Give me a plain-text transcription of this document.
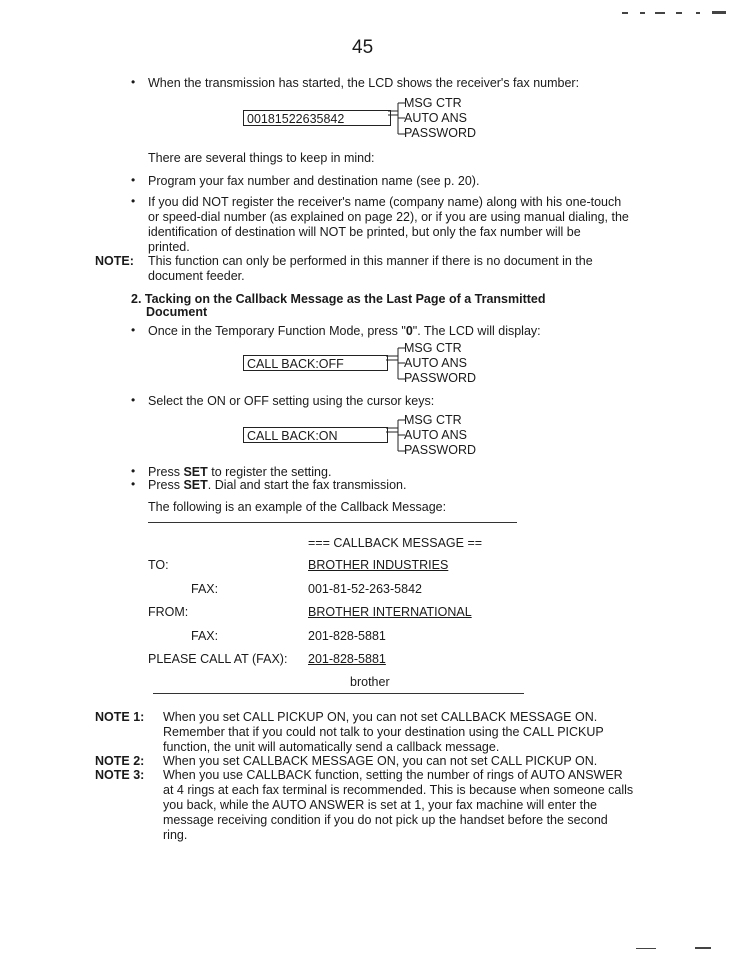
45
• When the transmission has started, the LCD shows the receiver's fax number:
00181522635842
MSG CTR
AUTO ANS
PASSWORD
There are several things to keep in mind:
• Program your fax number and destination name (see p. 20).
• If you did NOT register the receiver's name (company name) along with his one-touch
or speed-dial number (as explained on page 22), or if you are using manual dialing, the
identification of destination will NOT be printed, but only the fax number will be
printed.
NOTE: This function can only be performed in this manner if there is no document in the
document feeder.
2. Tacking on the Callback Message as the Last Page of a Transmitted
Document
• Once in the Temporary Function Mode, press "0". The LCD will display:
CALL BACK:OFF
MSG CTR
AUTO ANS
PASSWORD
• Select the ON or OFF setting using the cursor keys:
CALL BACK:ON
MSG CTR
AUTO ANS
PASSWORD
• Press SET to register the setting.
• Press SET. Dial and start the fax transmission.
The following is an example of the Callback Message:
=== CALLBACK MESSAGE ==
TO:	BROTHER INDUSTRIES
FAX:	001-81-52-263-5842
FROM:	BROTHER INTERNATIONAL
FAX:	201-828-5881
PLEASE CALL AT (FAX): 201-828-5881
brother
NOTE 1: When you set CALL PICKUP ON, you can not set CALLBACK MESSAGE ON.
Remember that if you could not talk to your destination using the CALL PICKUP
function, the unit will automatically send a callback message.
NOTE 2: When you set CALLBACK MESSAGE ON, you can not set CALL PICKUP ON.
NOTE 3: When you use CALLBACK function, setting the number of rings of AUTO ANSWER
at 4 rings at each fax terminal is recommended. This is because when someone calls
you back, while the AUTO ANSWER is set at 1, your fax machine will enter the
message receiving condition if you do not pick up the handset before the second
ring.
